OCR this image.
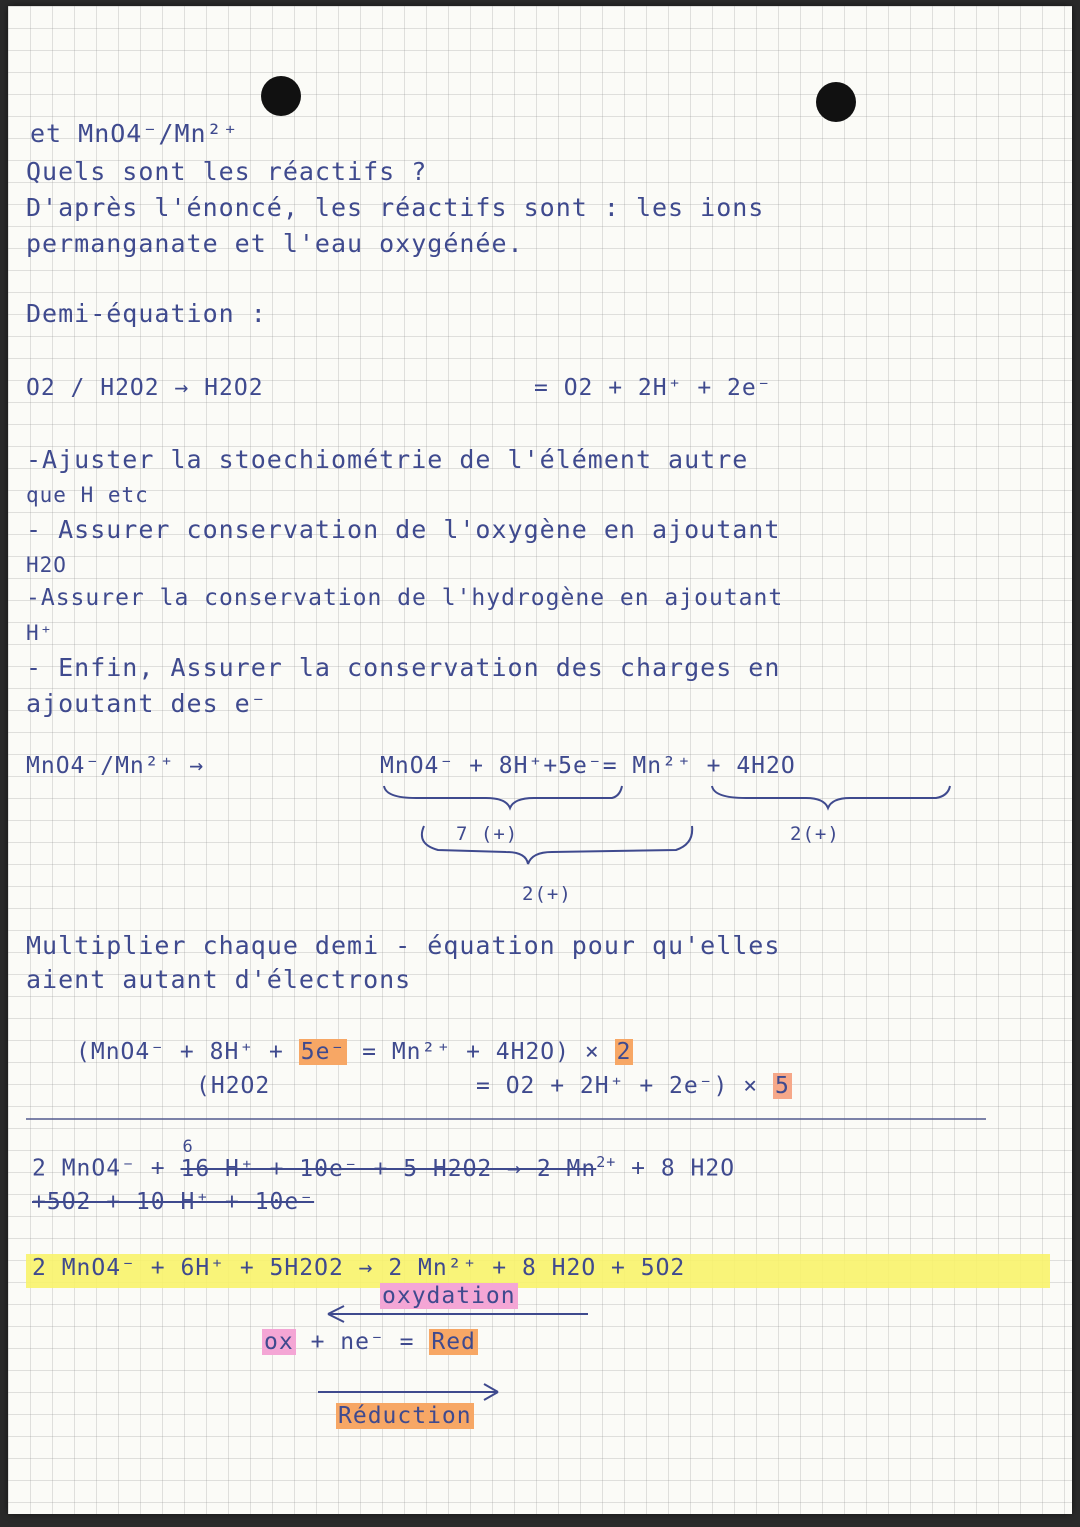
et MnO4⁻/Mn²⁺
Quels sont les réactifs ?
D'après l'énoncé, les réactifs sont : les ions
permanganate et l'eau oxygénée.
Demi-équation :
O2 / H2O2 → H2O2	= O2 + 2H⁺ + 2e⁻
-Ajuster la stoechiométrie de l'élément autre
que H etc
- Assurer conservation de l'oxygène en ajoutant
H2O
-Assurer la conservation de l'hydrogène en ajoutant
H⁺
- Enfin, Assurer la conservation des charges en
ajoutant des e⁻
MnO4⁻/Mn²⁺ →	MnO4⁻ + 8H⁺+5e⁻= Mn²⁺ + 4H2O
7 (+)	2(+)
2(+)
Multiplier chaque demi - équation pour qu'elles
aient autant d'électrons
(MnO4⁻ + 8H⁺ + 5e⁻ = Mn²⁺ + 4H2O) × 2
(H2O2	= O2 + 2H⁺ + 2e⁻) × 5
2 MnO4⁻ +
6
16 H⁺ + 10e⁻ + 5 H2O2 → 2 $Mn^{2+} + 8$ H2O
+5O2 + 10 H⁺ + 10e⁻
2 MnO4⁻ + 6H⁺ + 5H2O2 → 2 Mn²⁺ + 8 H2O + 5O2
oxydation
ox + ne⁻ = Red
Réduction
